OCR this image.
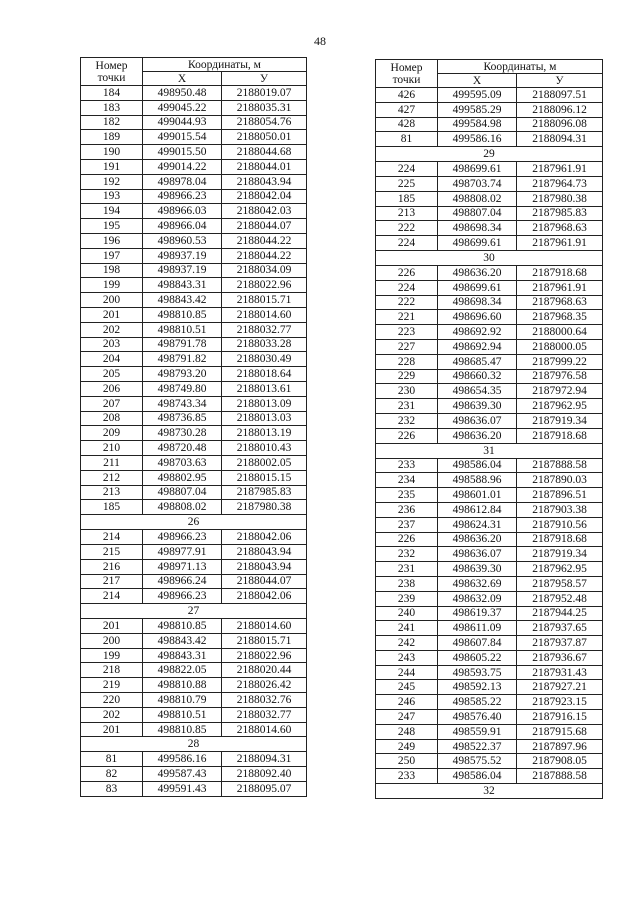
48
Номер
точки	Координаты, м	
	X	У
184	498950.48	2188019.07
183	499045.22	2188035.31
182	499044.93	2188054.76
189	499015.54	2188050.01
190	499015.50	2188044.68
191	499014.22	2188044.01
192	498978.04	2188043.94
193	498966.23	2188042.04
194	498966.03	2188042.03
195	498966.04	2188044.07
196	498960.53	2188044.22
197	498937.19	2188044.22
198	498937.19	2188034.09
199	498843.31	2188022.96
200	498843.42	2188015.71
201	498810.85	2188014.60
202	498810.51	2188032.77
203	498791.78	2188033.28
204	498791.82	2188030.49
205	498793.20	2188018.64
206	498749.80	2188013.61
207	498743.34	2188013.09
208	498736.85	2188013.03
209	498730.28	2188013.19
210	498720.48	2188010.43
211	498703.63	2188002.05
212	498802.95	2188015.15
213	498807.04	2187985.83
185	498808.02	2187980.38
26		
214	498966.23	2188042.06
215	498977.91	2188043.94
216	498971.13	2188043.94
217	498966.24	2188044.07
214	498966.23	2188042.06
27		
201	498810.85	2188014.60
200	498843.42	2188015.71
199	498843.31	2188022.96
218	498822.05	2188020.44
219	498810.88	2188026.42
220	498810.79	2188032.76
202	498810.51	2188032.77
201	498810.85	2188014.60
28		
81	499586.16	2188094.31
82	499587.43	2188092.40
83	499591.43	2188095.07
Номер
точки	Координаты, м	
	X	У
426	499595.09	2188097.51
427	499585.29	2188096.12
428	499584.98	2188096.08
81	499586.16	2188094.31
29		
224	498699.61	2187961.91
225	498703.74	2187964.73
185	498808.02	2187980.38
213	498807.04	2187985.83
222	498698.34	2187968.63
224	498699.61	2187961.91
30		
226	498636.20	2187918.68
224	498699.61	2187961.91
222	498698.34	2187968.63
221	498696.60	2187968.35
223	498692.92	2188000.64
227	498692.94	2188000.05
228	498685.47	2187999.22
229	498660.32	2187976.58
230	498654.35	2187972.94
231	498639.30	2187962.95
232	498636.07	2187919.34
226	498636.20	2187918.68
31		
233	498586.04	2187888.58
234	498588.96	2187890.03
235	498601.01	2187896.51
236	498612.84	2187903.38
237	498624.31	2187910.56
226	498636.20	2187918.68
232	498636.07	2187919.34
231	498639.30	2187962.95
238	498632.69	2187958.57
239	498632.09	2187952.48
240	498619.37	2187944.25
241	498611.09	2187937.65
242	498607.84	2187937.87
243	498605.22	2187936.67
244	498593.75	2187931.43
245	498592.13	2187927.21
246	498585.22	2187923.15
247	498576.40	2187916.15
248	498559.91	2187915.68
249	498522.37	2187897.96
250	498575.52	2187908.05
233	498586.04	2187888.58
32		
